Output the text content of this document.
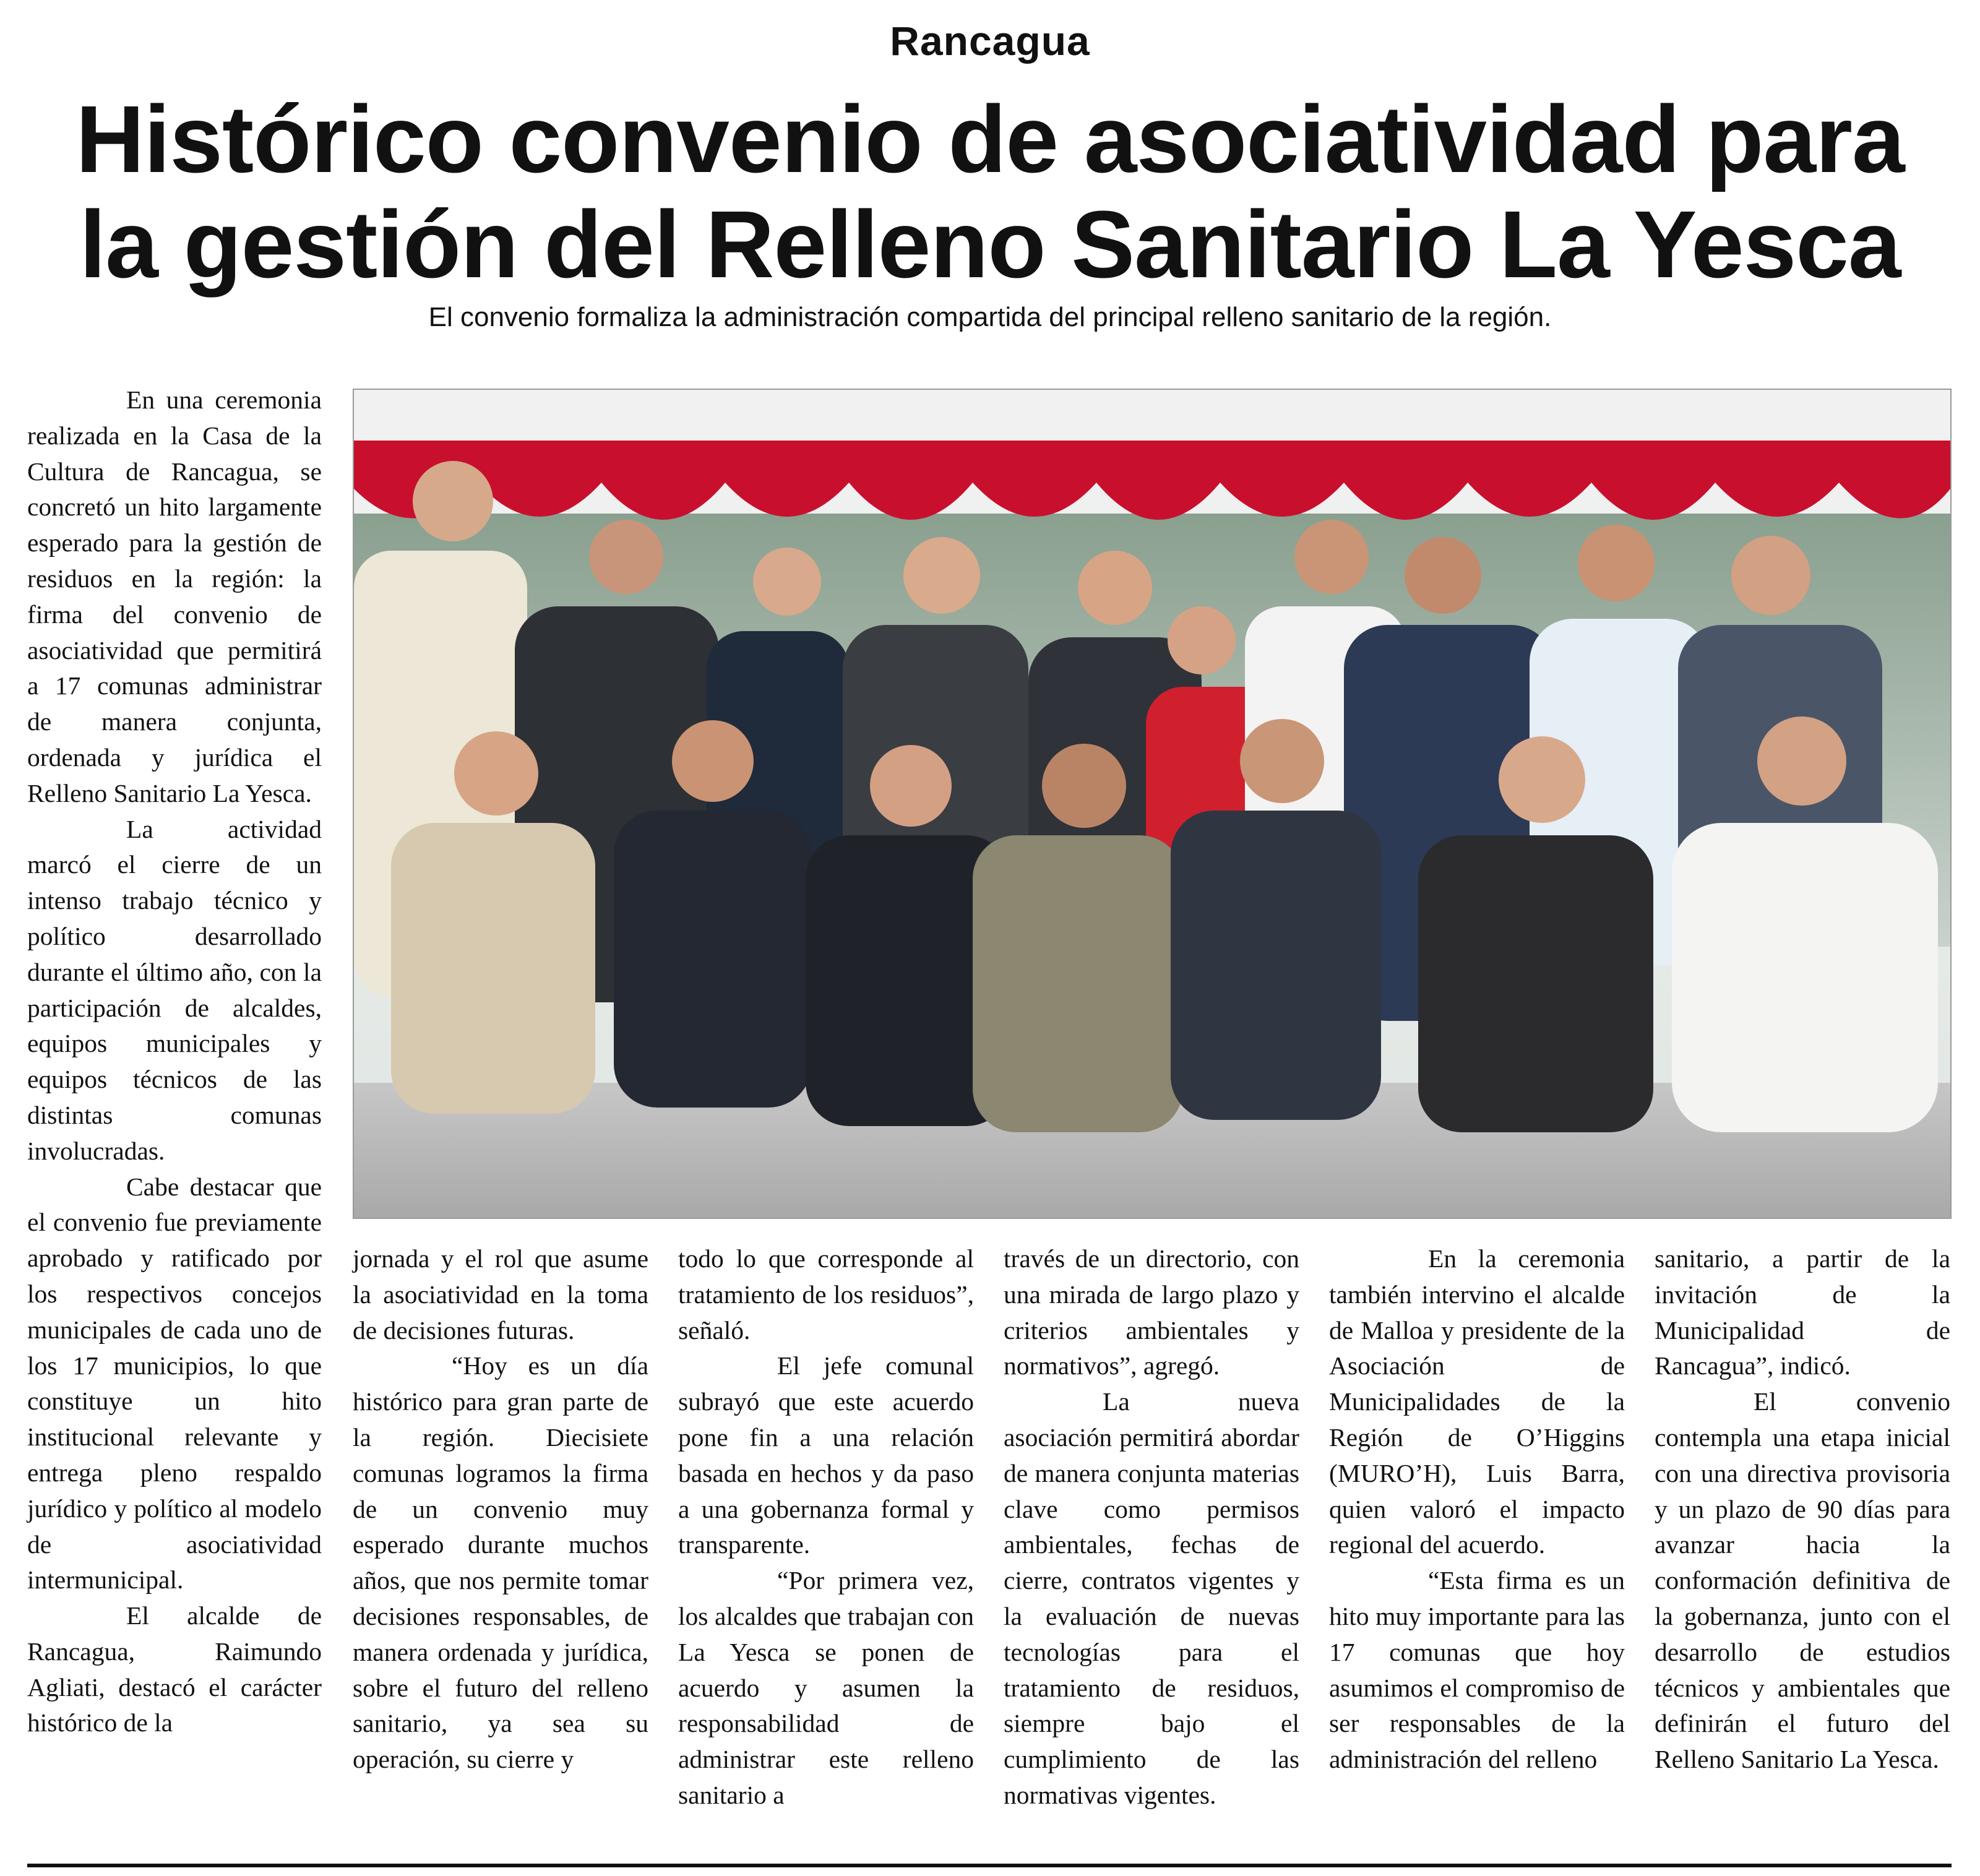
Rancagua
Histórico convenio de asociatividad para
la gestión del Relleno Sanitario La Yesca
El convenio formaliza la administración compartida del principal relleno sanitario de la región.

En una ceremonia realizada en la Casa de la Cultura de Rancagua, se concretó un hito largamente esperado para la gestión de residuos en la región: la firma del convenio de asociatividad que permitirá a 17 comunas administrar de manera conjunta, ordenada y jurídica el Relleno Sanitario La Yesca.

La actividad marcó el cierre de un intenso trabajo técnico y político desarrollado durante el último año, con la participación de alcaldes, equipos municipales y equipos técnicos de las distintas comunas involucradas.

Cabe destacar que el convenio fue previamente aprobado y ratificado por los respectivos concejos municipales de cada uno de los 17 municipios, lo que constituye un hito institucional relevante y entrega pleno respaldo jurídico y político al modelo de asociatividad intermunicipal.

El alcalde de Rancagua, Raimundo Agliati, destacó el carácter histórico de la

jornada y el rol que asume la asociatividad en la toma de decisiones futuras.

“Hoy es un día histórico para gran parte de la región. Diecisiete comunas logramos la firma de un convenio muy esperado durante muchos años, que nos permite tomar decisiones responsables, de manera ordenada y jurídica, sobre el futuro del relleno sanitario, ya sea su operación, su cierre y

todo lo que corresponde al tratamiento de los residuos”, señaló.

El jefe comunal subrayó que este acuerdo pone fin a una relación basada en hechos y da paso a una gobernanza formal y transparente.

“Por primera vez, los alcaldes que trabajan con La Yesca se ponen de acuerdo y asumen la responsabilidad de administrar este relleno sanitario a

través de un directorio, con una mirada de largo plazo y criterios ambientales y normativos”, agregó.

La nueva asociación permitirá abordar de manera conjunta materias clave como permisos ambientales, fechas de cierre, contratos vigentes y la evaluación de nuevas tecnologías para el tratamiento de residuos, siempre bajo el cumplimiento de las normativas vigentes.

En la ceremonia también intervino el alcalde de Malloa y presidente de la Asociación de Municipalidades de la Región de O’Higgins (MURO’H), Luis Barra, quien valoró el impacto regional del acuerdo.

“Esta firma es un hito muy importante para las 17 comunas que hoy asumimos el compromiso de ser responsables de la administración del relleno

sanitario, a partir de la invitación de la Municipalidad de Rancagua”, indicó.

El convenio contempla una etapa inicial con una directiva provisoria y un plazo de 90 días para avanzar hacia la conformación definitiva de la gobernanza, junto con el desarrollo de estudios técnicos y ambientales que definirán el futuro del Relleno Sanitario La Yesca.
